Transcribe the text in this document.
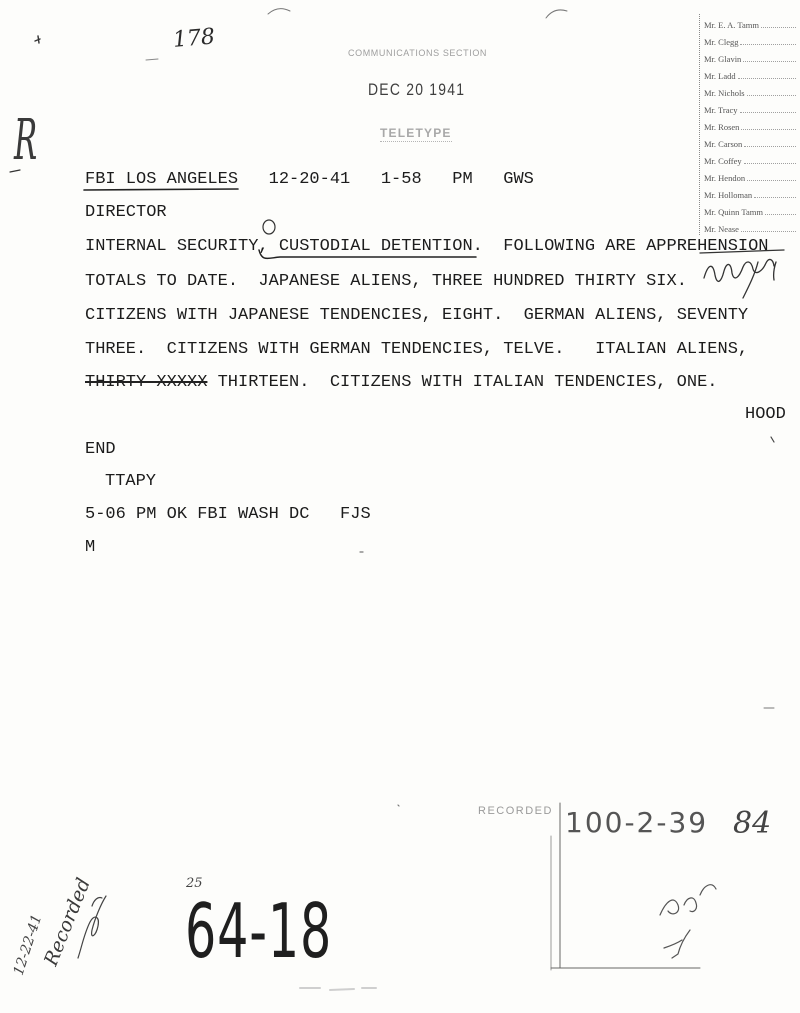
COMMUNICATIONS SECTION
DEC 20 1941
TELETYPE
Mr. E. A. Tamm
Mr. Clegg
Mr. Glavin
Mr. Ladd
Mr. Nichols
Mr. Tracy
Mr. Rosen
Mr. Carson
Mr. Coffey
Mr. Hendon
Mr. Holloman
Mr. Quinn Tamm
Mr. Nease
FBI LOS ANGELES 12-20-41 1-58 PM GWS
DIRECTOR
INTERNAL SECURITY, CUSTODIAL DETENTION.  FOLLOWING ARE APPREHENSION
TOTALS TO DATE.  JAPANESE ALIENS, THREE HUNDRED THIRTY SIX.
CITIZENS WITH JAPANESE TENDENCIES, EIGHT.  GERMAN ALIENS, SEVENTY
THREE.  CITIZENS WITH GERMAN TENDENCIES, TELVE.   ITALIAN ALIENS,
THIRTY XXXXX THIRTEEN.  CITIZENS WITH ITALIAN TENDENCIES, ONE.
HOOD
END
TTAPY
5-06 PM OK FBI WASH DC   FJS
M
178
R
RECORDED 100-2-39 84
25
64-18
12-22-41
Recorded
